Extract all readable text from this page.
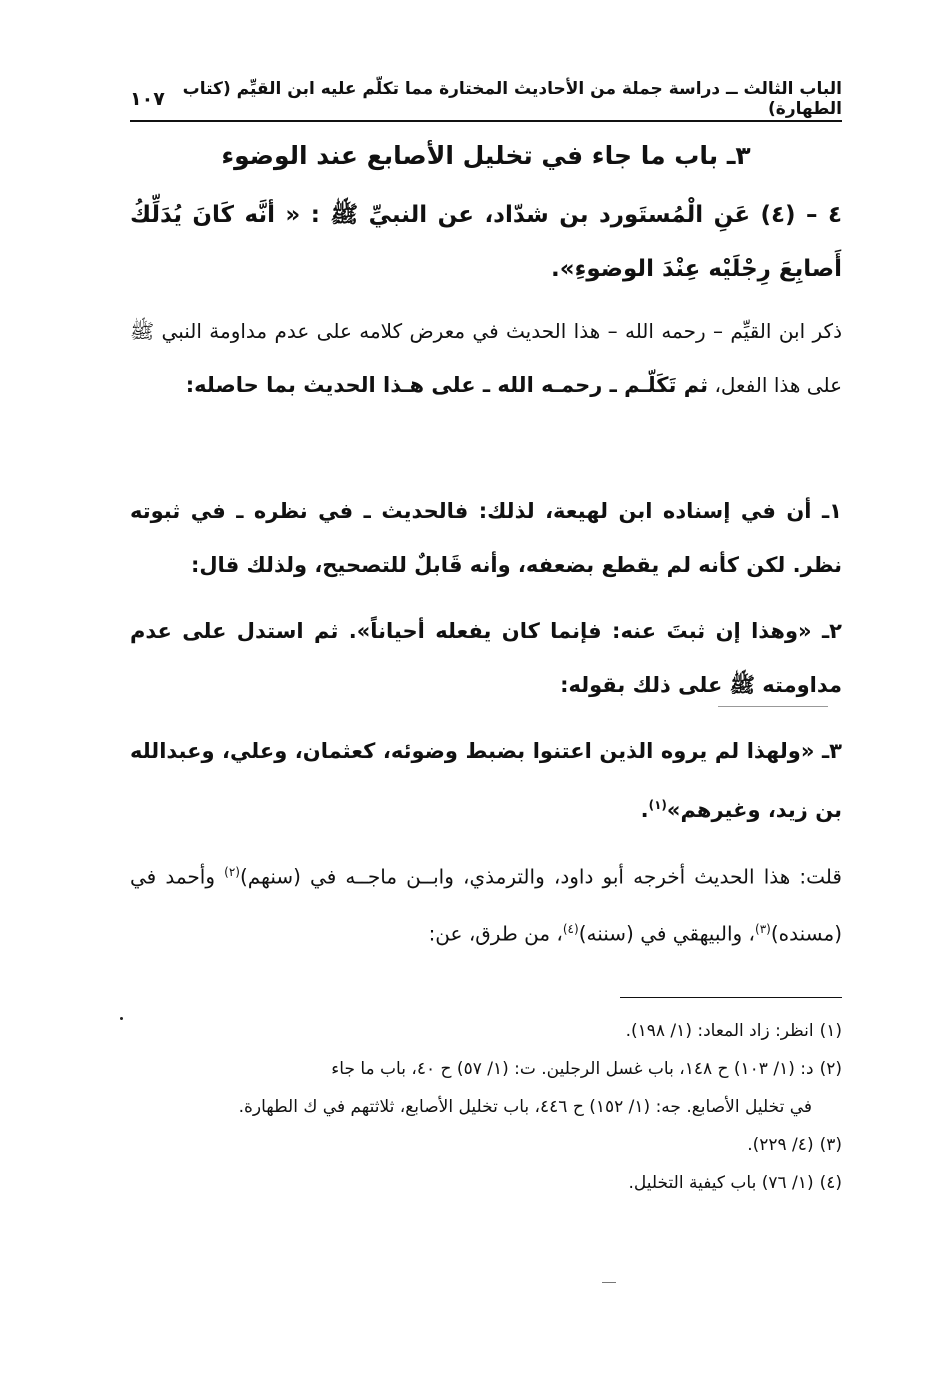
الباب الثالث ــ دراسة جملة من الأحاديث المختارة مما تكلّم عليه ابن القيِّم (كتاب الطهارة)
١٠٧
٣ـ باب ما جاء في تخليل الأصابع عند الوضوء

٤ – (٤) عَنِ الْمُستَورد بن شدّاد، عن النبيِّ ﷺ : « أنَّه كَانَ يُدَلِّكُ أَصابِعَ رِجْلَيْه عِنْدَ الوضوءِ».

ذكر ابن القيِّم – رحمه الله – هذا الحديث في معرض كلامه على عدم مداومة النبي ﷺ على هذا الفعل، ثم تَكَلّـم ـ رحمـه الله ـ على هـذا الحديث بما حاصله:

١ـ أن في إسناده ابن لهيعة، لذلك: فالحديث ـ في نظره ـ في ثبوته نظر. لكن كأنه لم يقطع بضعفه، وأنه قَابلٌ للتصحيح، ولذلك قال:

٢ـ «وهذا إن ثبتَ عنه: فإنما كان يفعله أحياناً». ثم استدل على عدم مداومته ﷺ على ذلك بقوله:

٣ـ «ولهذا لم يروه الذين اعتنوا بضبط وضوئه، كعثمان، وعلي، وعبدالله بن زيد، وغيرهم»$^{(١)}$.

قلت: هذا الحديث أخرجه أبو داود، والترمذي، وابــن ماجــه في (سنهم)$^{(٢)}$ وأحمد في (مسنده)$^{(٣)}$، والبيهقي في (سننه)$^{(٤)}$، من طرق، عن:

(١)انظر: زاد المعاد: (١/ ١٩٨).
(٢)د: (١/ ١٠٣) ح ١٤٨، باب غسل الرجلين. ت: (١/ ٥٧) ح ٤٠، باب ما جاء
في تخليل الأصابع. جه: (١/ ١٥٢) ح ٤٤٦، باب تخليل الأصابع، ثلاثتهم في ك الطهارة.
(٣)(٤/ ٢٢٩).
(٤)(١/ ٧٦) باب كيفية التخليل.
